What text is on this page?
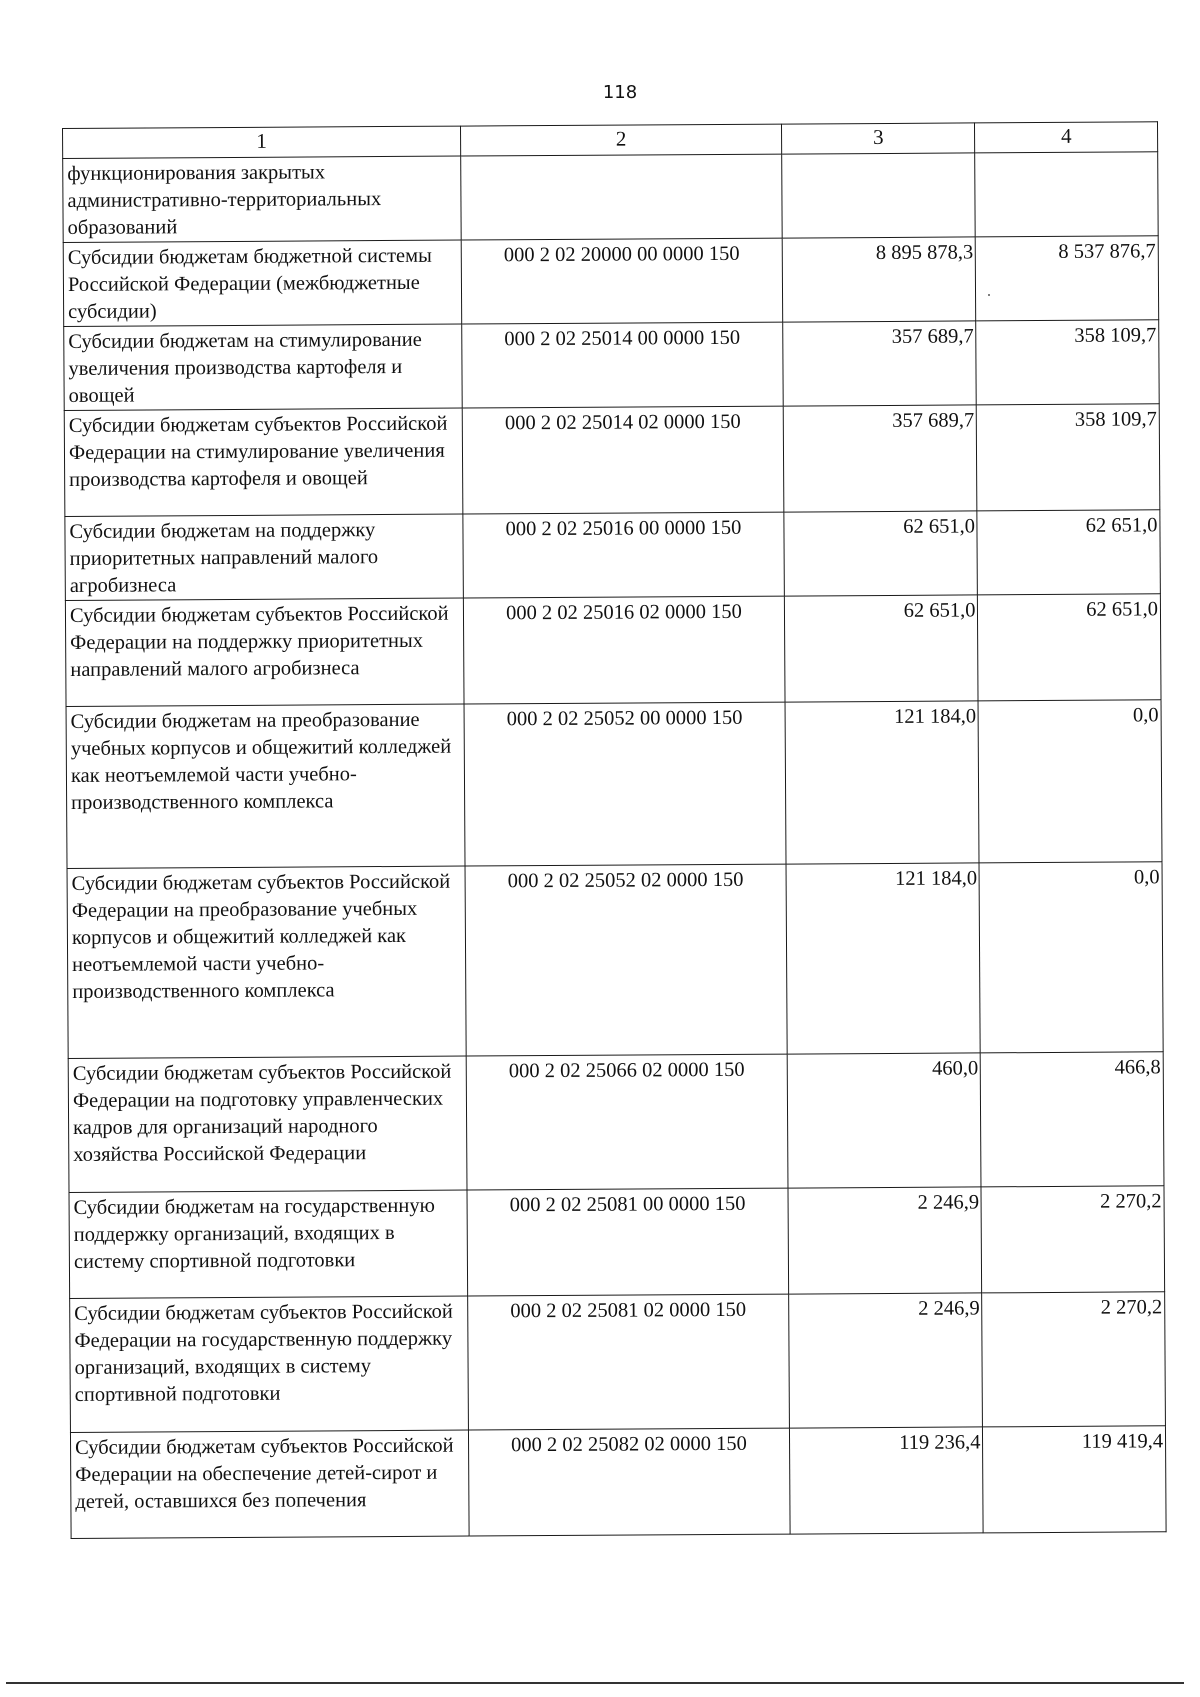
118
1	2	3	4
функционирования закрытых административно-территориальных образований			
Субсидии бюджетам бюджетной системы Российской Федерации (межбюджетные субсидии)	000 2 02 20000 00 0000 150	8 895 878,3	8 537 876,7
Субсидии бюджетам на стимулирование увеличения производства картофеля и овощей	000 2 02 25014 00 0000 150	357 689,7	358 109,7
Субсидии бюджетам субъектов Российской Федерации на стимулирование увеличения производства картофеля и овощей	000 2 02 25014 02 0000 150	357 689,7	358 109,7
Субсидии бюджетам на поддержку приоритетных направлений малого агробизнеса	000 2 02 25016 00 0000 150	62 651,0	62 651,0
Субсидии бюджетам субъектов Российской Федерации на поддержку приоритетных направлений малого агробизнеса	000 2 02 25016 02 0000 150	62 651,0	62 651,0
Субсидии бюджетам на преобразование учебных корпусов и общежитий колледжей как неотъемлемой части учебно-производственного комплекса	000 2 02 25052 00 0000 150	121 184,0	0,0
Субсидии бюджетам субъектов Российской Федерации на преобразование учебных корпусов и общежитий колледжей как неотъемлемой части учебно-производственного комплекса	000 2 02 25052 02 0000 150	121 184,0	0,0
Субсидии бюджетам субъектов Российской Федерации на подготовку управленческих кадров для организаций народного хозяйства Российской Федерации	000 2 02 25066 02 0000 150	460,0	466,8
Субсидии бюджетам на государственную поддержку организаций, входящих в систему спортивной подготовки	000 2 02 25081 00 0000 150	2 246,9	2 270,2
Субсидии бюджетам субъектов Российской Федерации на государственную поддержку организаций, входящих в систему спортивной подготовки	000 2 02 25081 02 0000 150	2 246,9	2 270,2
Субсидии бюджетам субъектов Российской Федерации на обеспечение детей-сирот и детей, оставшихся без попечения	000 2 02 25082 02 0000 150	119 236,4	119 419,4
